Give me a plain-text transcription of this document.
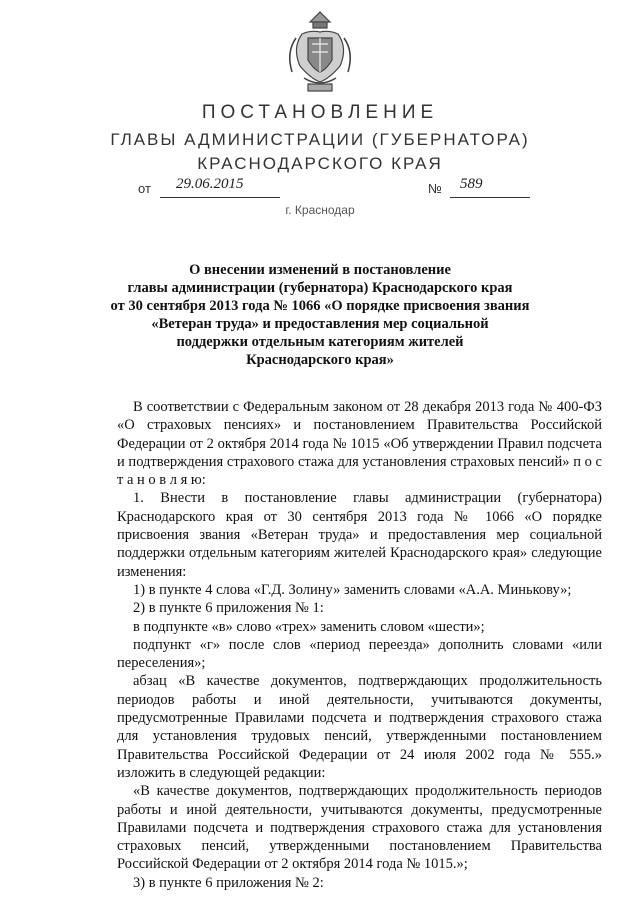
ПОСТАНОВЛЕНИЕ
ГЛАВЫ АДМИНИСТРАЦИИ (ГУБЕРНАТОРА)
КРАСНОДАРСКОГО КРАЯ
от 29.06.2015	№ 589
г. Краснодар
О внесении изменений в постановление
главы администрации (губернатора) Краснодарского края
от 30 сентября 2013 года № 1066 «О порядке присвоения звания
«Ветеран труда» и предоставления мер социальной
поддержки отдельным категориям жителей
Краснодарского края»

В соответствии с Федеральным законом от 28 декабря 2013 года № 400-ФЗ «О страховых пенсиях» и постановлением Правительства Российской Федерации от 2 октября 2014 года № 1015 «Об утверждении Правил подсчета и подтверждения страхового стажа для установления страховых пенсий» п о с т а н о в л я ю:

1. Внести в постановление главы администрации (губернатора) Краснодарского края от 30 сентября 2013 года № 1066 «О порядке присвоения звания «Ветеран труда» и предоставления мер социальной поддержки отдельным категориям жителей Краснодарского края» следующие изменения:

1) в пункте 4 слова «Г.Д. Золину» заменить словами «А.А. Минькову»;

2) в пункте 6 приложения № 1:

в подпункте «в» слово «трех» заменить словом «шести»;

подпункт «г» после слов «период переезда» дополнить словами «или переселения»;

абзац «В качестве документов, подтверждающих продолжительность периодов работы и иной деятельности, учитываются документы, предусмотренные Правилами подсчета и подтверждения страхового стажа для установления трудовых пенсий, утвержденными постановлением Правительства Российской Федерации от 24 июля 2002 года № 555.» изложить в следующей редакции:

«В качестве документов, подтверждающих продолжительность периодов работы и иной деятельности, учитываются документы, предусмотренные Правилами подсчета и подтверждения страхового стажа для установления страховых пенсий, утвержденными постановлением Правительства Российской Федерации от 2 октября 2014 года № 1015.»;

3) в пункте 6 приложения № 2:
